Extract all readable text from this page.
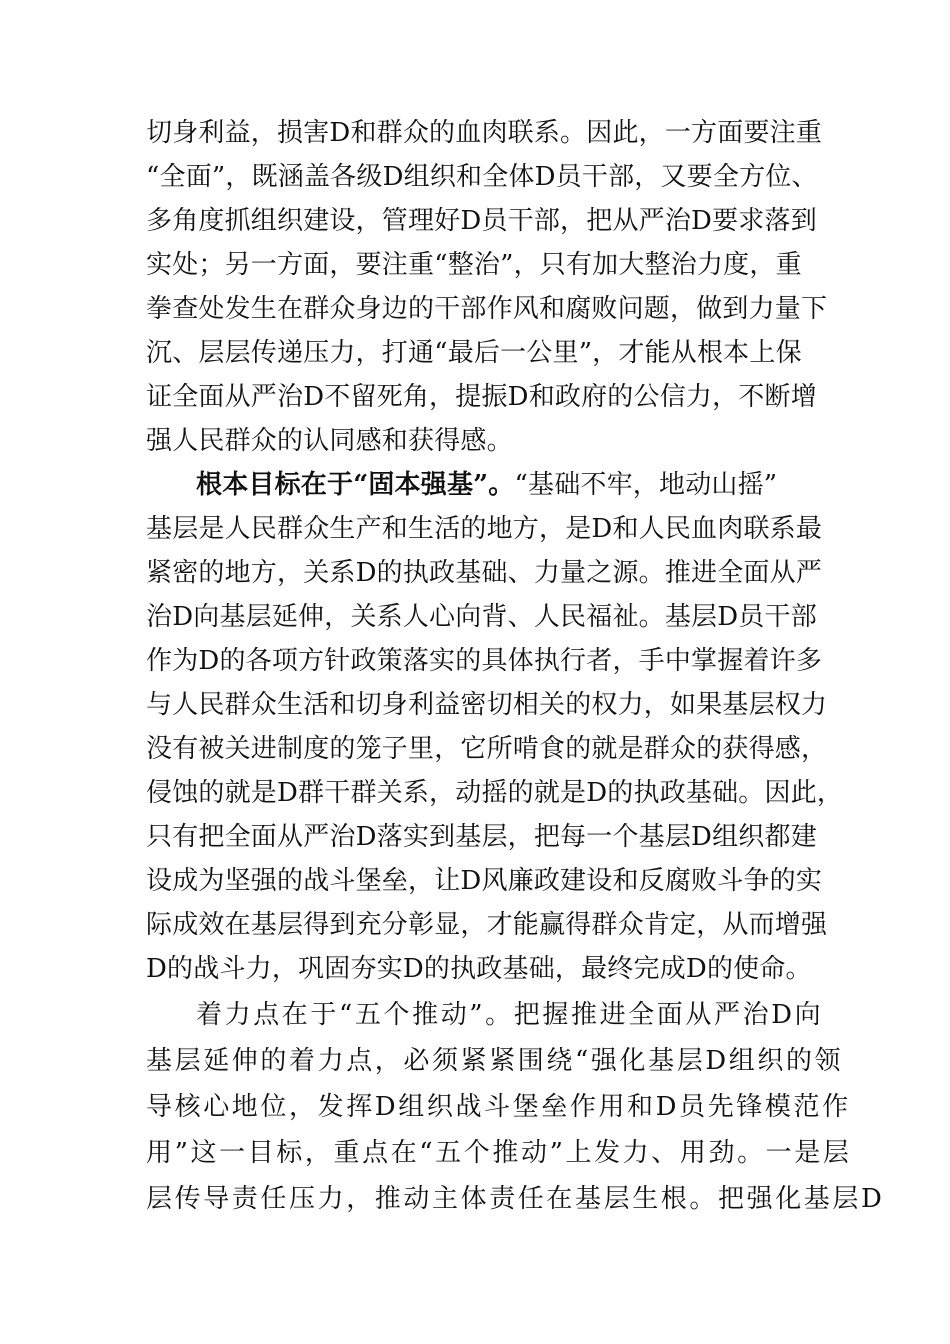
切身利益，损害D和群众的血肉联系。因此，一方面要注重
“全面”，既涵盖各级D组织和全体D员干部，又要全方位、
多角度抓组织建设，管理好D员干部，把从严治D要求落到
实处；另一方面，要注重“整治”，只有加大整治力度，重
拳查处发生在群众身边的干部作风和腐败问题，做到力量下
沉、层层传递压力，打通“最后一公里”，才能从根本上保
证全面从严治D不留死角，提振D和政府的公信力，不断增
强人民群众的认同感和获得感。
根本目标在于“固本强基”。“基础不牢，地动山摇”
基层是人民群众生产和生活的地方，是D和人民血肉联系最
紧密的地方，关系D的执政基础、力量之源。推进全面从严
治D向基层延伸，关系人心向背、人民福祉。基层D员干部
作为D的各项方针政策落实的具体执行者，手中掌握着许多
与人民群众生活和切身利益密切相关的权力，如果基层权力
没有被关进制度的笼子里，它所啃食的就是群众的获得感，
侵蚀的就是D群干群关系，动摇的就是D的执政基础。因此，
只有把全面从严治D落实到基层，把每一个基层D组织都建
设成为坚强的战斗堡垒，让D风廉政建设和反腐败斗争的实
际成效在基层得到充分彰显，才能赢得群众肯定，从而增强
D的战斗力，巩固夯实D的执政基础，最终完成D的使命。
着力点在于“五个推动”。把握推进全面从严治D向
基层延伸的着力点，必须紧紧围绕“强化基层D组织的领
导核心地位，发挥D组织战斗堡垒作用和D员先锋模范作
用”这一目标，重点在“五个推动”上发力、用劲。一是层
层传导责任压力，推动主体责任在基层生根。把强化基层D
